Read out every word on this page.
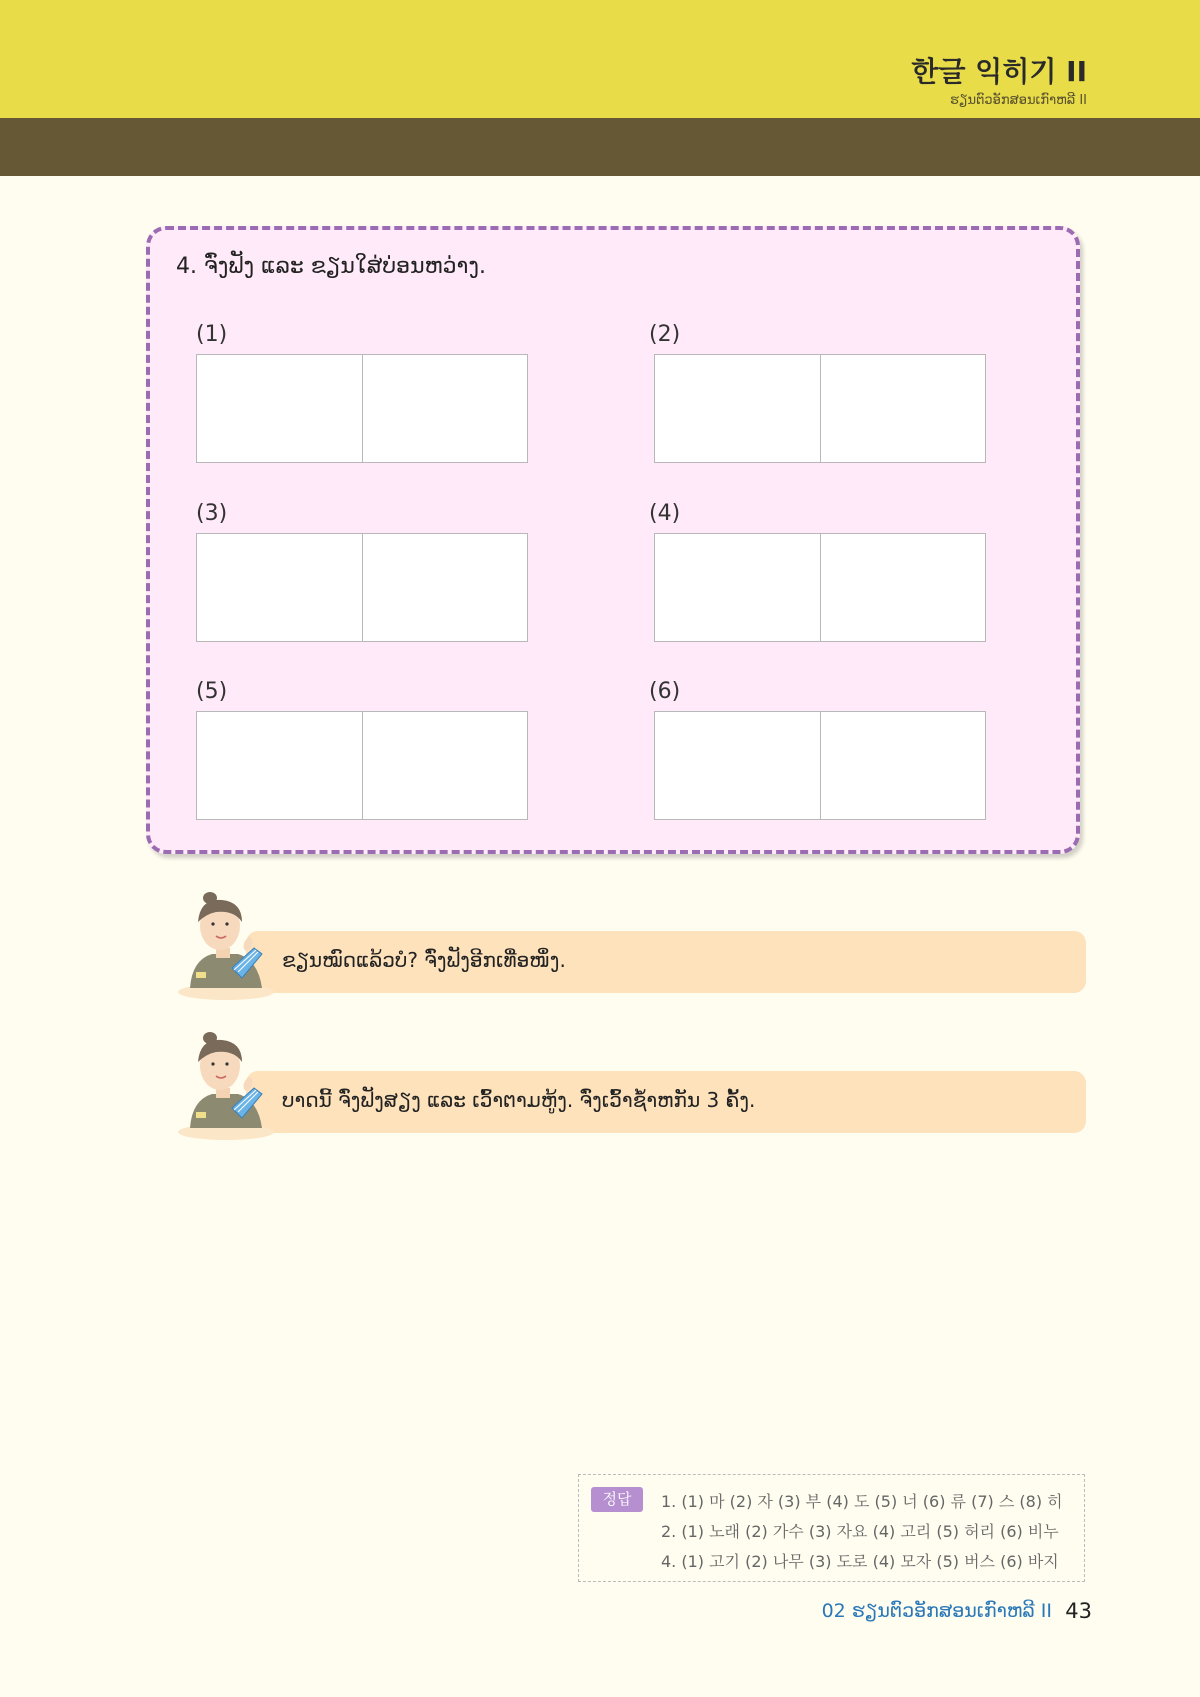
한글 익히기 II
ຮຽນຕົວອັກສອນເກົາຫລີ II
4. ຈົ່ງຟັງ ແລະ ຂຽນໃສ່ບ່ອນຫວ່າງ.
(1)	(2)
(3)	(4)
(5)	(6)
ຂຽນໝົດແລ້ວບໍ? ຈົ່ງຟັງອີກເທື່ອໜຶ່ງ.
ບາດນີ້ ຈົ່ງຟັງສຽງ ແລະ ເວົ້າຕາມຫູ້ງ. ຈົ່ງເວົ້າຊ້ຳຫກັນ 3 ຄັ້ງ.
정답	1. (1) 마 (2) 자 (3) 부 (4) 도 (5) 너 (6) 류 (7) 스 (8) 히
2. (1) 노래 (2) 가수 (3) 자요 (4) 고리 (5) 허리 (6) 비누
4. (1) 고기 (2) 나무 (3) 도로 (4) 모자 (5) 버스 (6) 바지
02 ຮຽນຕົວອັກສອນເກົາຫລີ II 43
